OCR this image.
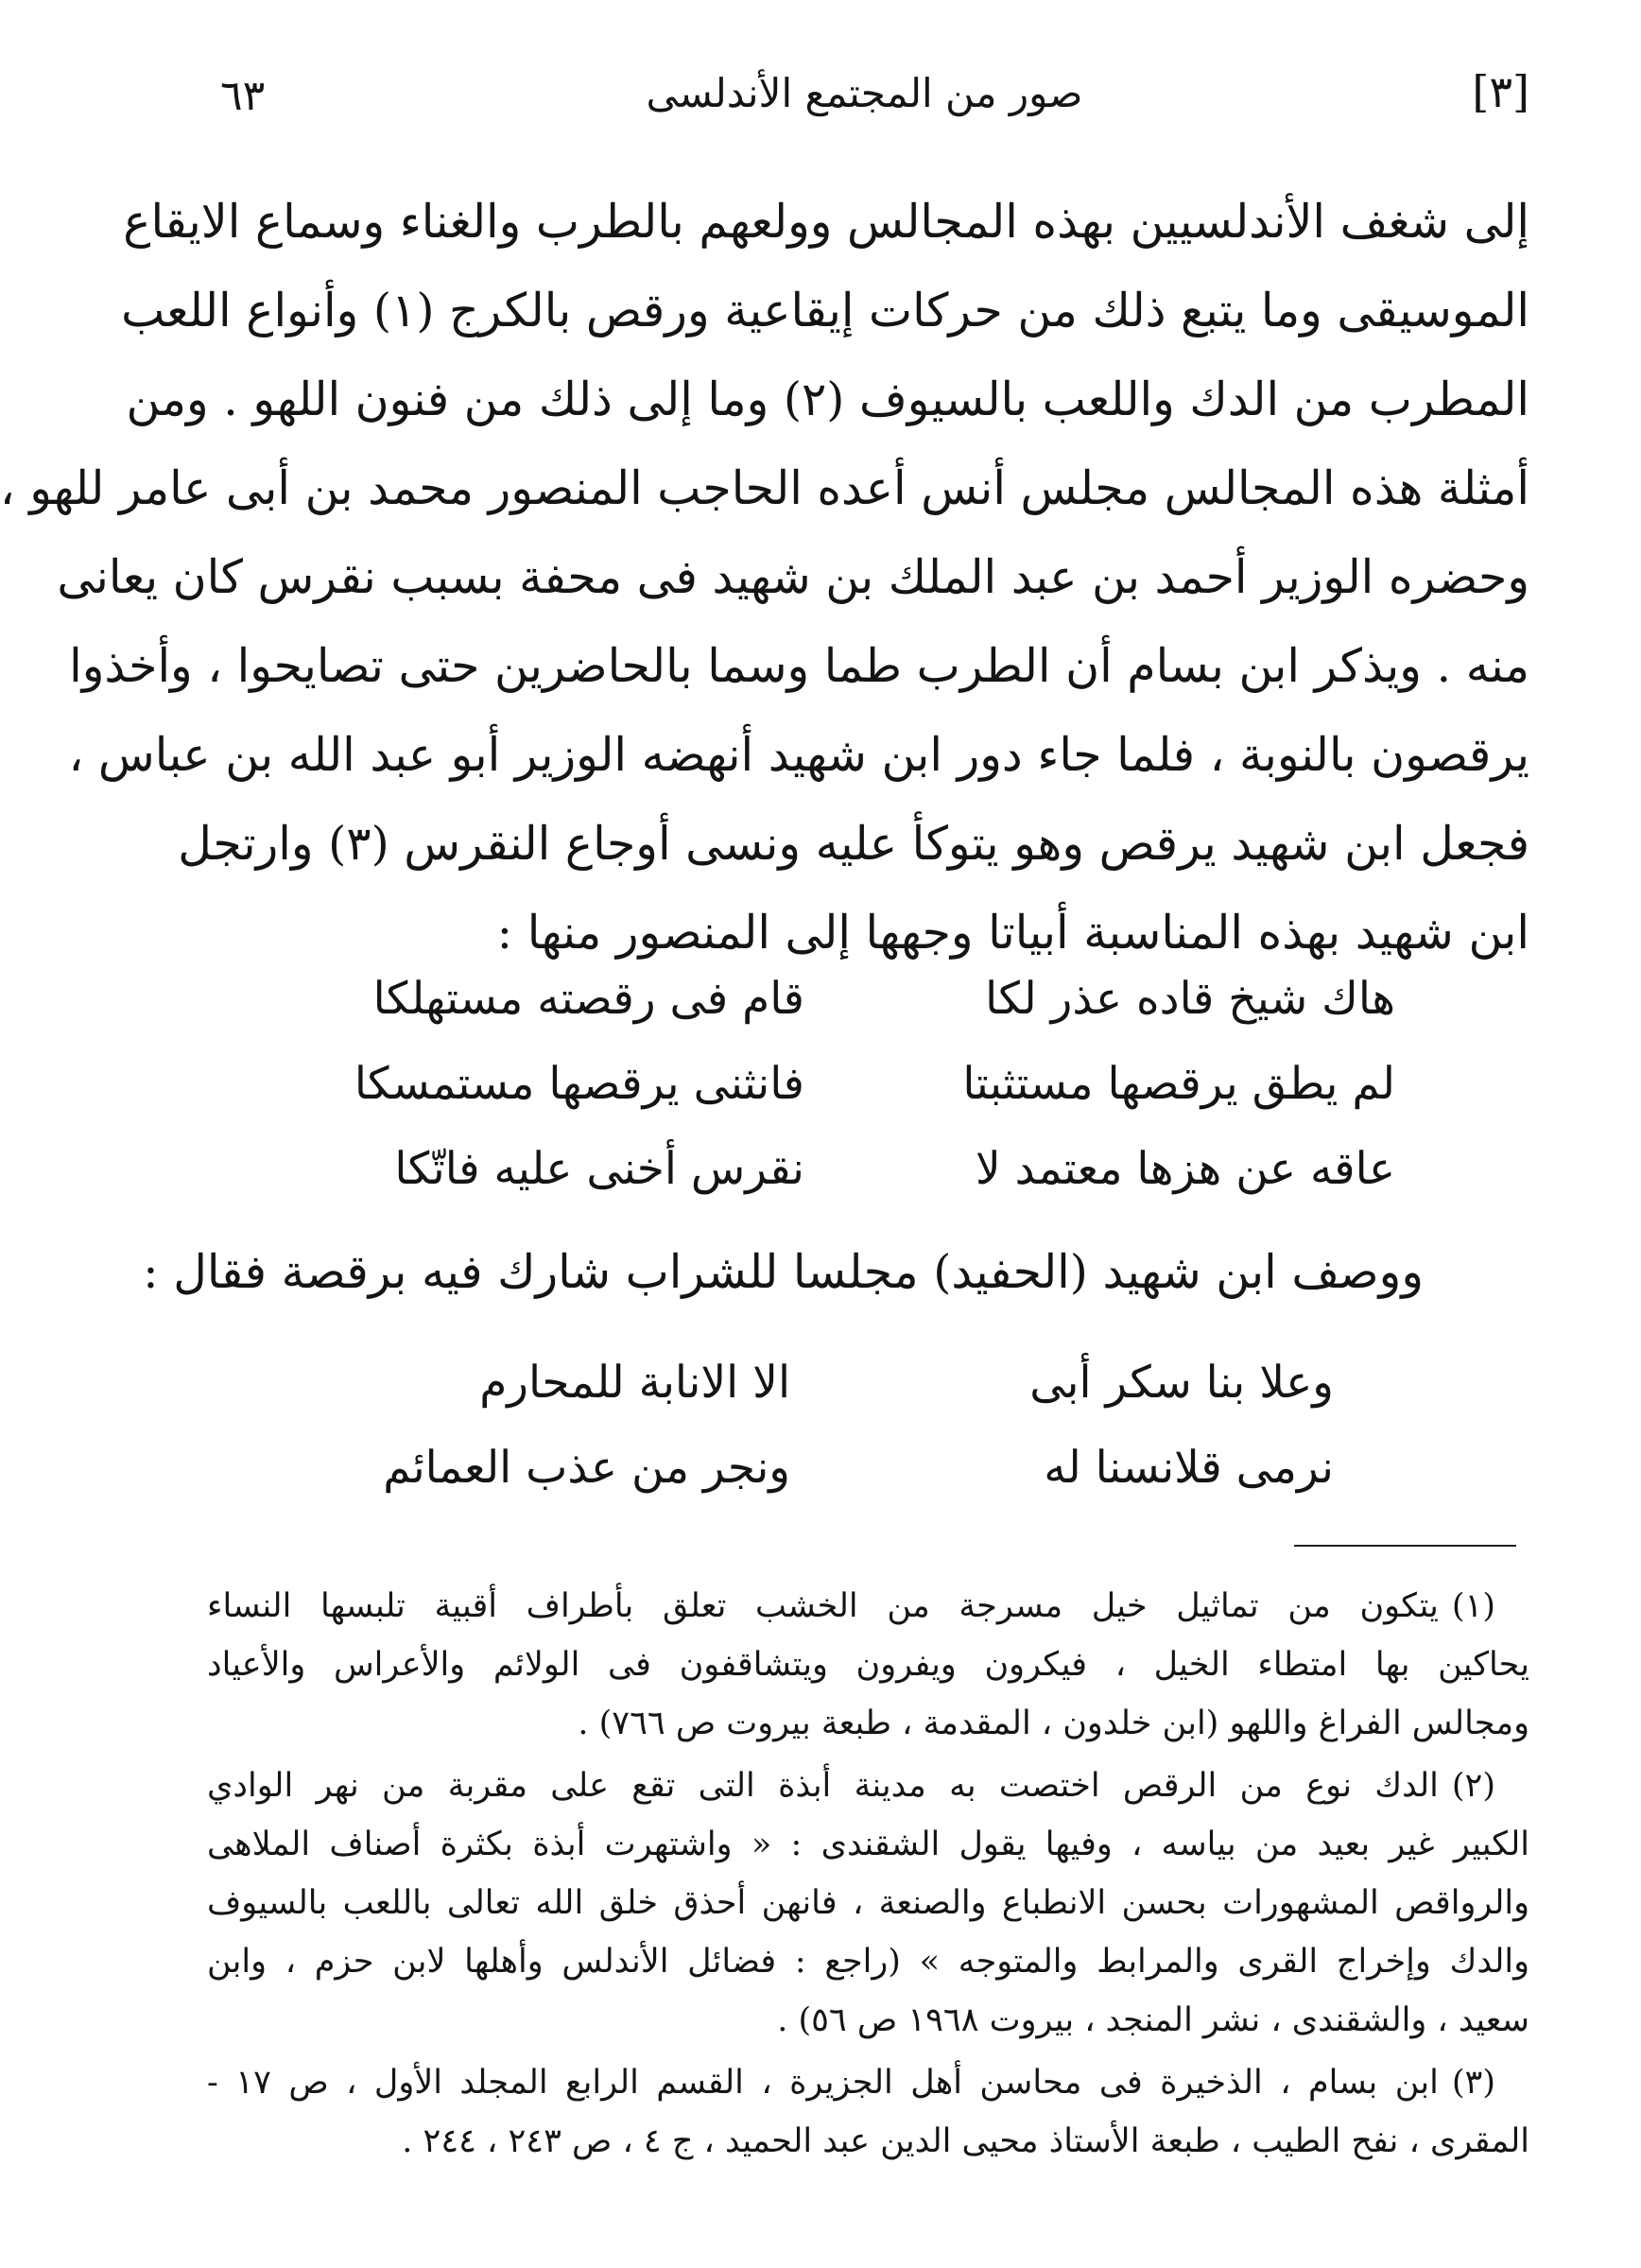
[٣]
صور من المجتمع الأندلسى
٦٣
إلى شغف الأندلسيين بهذه المجالس وولعهم بالطرب والغناء وسماع الايقاع
الموسيقى وما يتبع ذلك من حركات إيقاعية ورقص بالكرج (١) وأنواع اللعب
المطرب من الدك واللعب بالسيوف (٢) وما إلى ذلك من فنون اللهو . ومن
أمثلة هذه المجالس مجلس أنس أعده الحاجب المنصور محمد بن أبى عامر للهو ،
وحضره الوزير أحمد بن عبد الملك بن شهيد فى محفة بسبب نقرس كان يعانى
منه . ويذكر ابن بسام أن الطرب طما وسما بالحاضرين حتى تصايحوا ، وأخذوا
يرقصون بالنوبة ، فلما جاء دور ابن شهيد أنهضه الوزير أبو عبد الله بن عباس ،
فجعل ابن شهيد يرقص وهو يتوكأ عليه ونسى أوجاع النقرس (٣) وارتجل
ابن شهيد بهذه المناسبة أبياتا وجهها إلى المنصور منها :
هاك شيخ قاده عذر لكا
قام فى رقصته مستهلكا
لم يطق يرقصها مستثبتا
فانثنى يرقصها مستمسكا
عاقه عن هزها معتمد لا
نقرس أخنى عليه فاتّكا
ووصف ابن شهيد (الحفيد) مجلسا للشراب شارك فيه برقصة فقال :
وعلا بنا سكر أبى
الا الانابة للمحارم
نرمى قلانسنا له
ونجر من عذب العمائم
(١)يتكون من تماثيل خيل مسرجة من الخشب تعلق بأطراف أقبية تلبسها النساء
يحاكين بها امتطاء الخيل ، فيكرون ويفرون ويتشاقفون فى الولائم والأعراس والأعياد
ومجالس الفراغ واللهو (ابن خلدون ، المقدمة ، طبعة بيروت ص ٧٦٦) .
(٢)الدك نوع من الرقص اختصت به مدينة أبذة التى تقع على مقربة من نهر الوادي
الكبير غير بعيد من بياسه ، وفيها يقول الشقندى : « واشتهرت أبذة بكثرة أصناف الملاهى
والرواقص المشهورات بحسن الانطباع والصنعة ، فانهن أحذق خلق الله تعالى باللعب بالسيوف
والدك وإخراج القرى والمرابط والمتوجه » (راجع : فضائل الأندلس وأهلها لابن حزم ، وابن
سعيد ، والشقندى ، نشر المنجد ، بيروت ١٩٦٨ ص ٥٦) .
(٣)ابن بسام ، الذخيرة فى محاسن أهل الجزيرة ، القسم الرابع المجلد الأول ، ص ١٧ -
المقرى ، نفح الطيب ، طبعة الأستاذ محيى الدين عبد الحميد ، ج ٤ ، ص ٢٤٣ ، ٢٤٤ .
